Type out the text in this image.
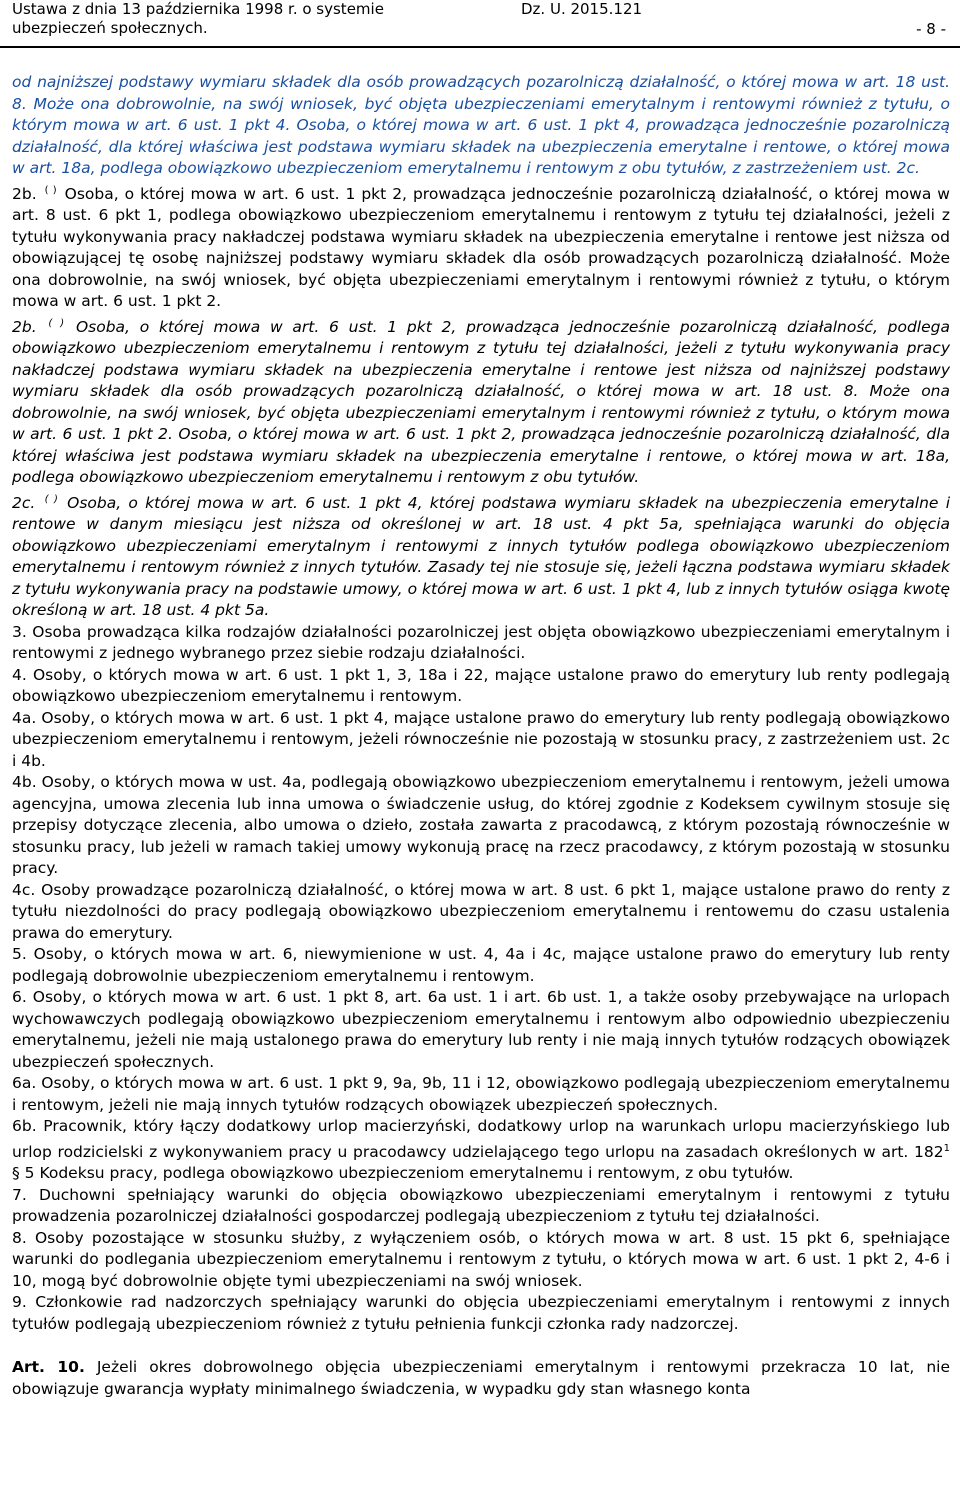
Ustawa z dnia 13 października 1998 r. o systemie
ubezpieczeń społecznych.
Dz. U. 2015.121
- 8 -

od najniższej podstawy wymiaru składek dla osób prowadzących pozarolniczą działalność, o której mowa w art. 18 ust. 8. Może ona dobrowolnie, na swój wniosek, być objęta ubezpieczeniami emerytalnym i rentowymi również z tytułu, o którym mowa w art. 6 ust. 1 pkt 4. Osoba, o której mowa w art. 6 ust. 1 pkt 4, prowadząca jednocześnie pozarolniczą działalność, dla której właściwa jest podstawa wymiaru składek na ubezpieczenia emerytalne i rentowe, o której mowa w art. 18a, podlega obowiązkowo ubezpieczeniom emerytalnemu i rentowym z obu tytułów, z zastrzeżeniem ust. 2c.

2b. ( ) Osoba, o której mowa w art. 6 ust. 1 pkt 2, prowadząca jednocześnie pozarolniczą działalność, o której mowa w art. 8 ust. 6 pkt 1, podlega obowiązkowo ubezpieczeniom emerytalnemu i rentowym z tytułu tej działalności, jeżeli z tytułu wykonywania pracy nakładczej podstawa wymiaru składek na ubezpieczenia emerytalne i rentowe jest niższa od obowiązującej tę osobę najniższej podstawy wymiaru składek dla osób prowadzących pozarolniczą działalność. Może ona dobrowolnie, na swój wniosek, być objęta ubezpieczeniami emerytalnym i rentowymi również z tytułu, o którym mowa w art. 6 ust. 1 pkt 2.

2b. ( ) Osoba, o której mowa w art. 6 ust. 1 pkt 2, prowadząca jednocześnie pozarolniczą działalność, podlega obowiązkowo ubezpieczeniom emerytalnemu i rentowym z tytułu tej działalności, jeżeli z tytułu wykonywania pracy nakładczej podstawa wymiaru składek na ubezpieczenia emerytalne i rentowe jest niższa od najniższej podstawy wymiaru składek dla osób prowadzących pozarolniczą działalność, o której mowa w art. 18 ust. 8. Może ona dobrowolnie, na swój wniosek, być objęta ubezpieczeniami emerytalnym i rentowymi również z tytułu, o którym mowa w art. 6 ust. 1 pkt 2. Osoba, o której mowa w art. 6 ust. 1 pkt 2, prowadząca jednocześnie pozarolniczą działalność, dla której właściwa jest podstawa wymiaru składek na ubezpieczenia emerytalne i rentowe, o której mowa w art. 18a, podlega obowiązkowo ubezpieczeniom emerytalnemu i rentowym z obu tytułów.

2c. ( ) Osoba, o której mowa w art. 6 ust. 1 pkt 4, której podstawa wymiaru składek na ubezpieczenia emerytalne i rentowe w danym miesiącu jest niższa od określonej w art. 18 ust. 4 pkt 5a, spełniająca warunki do objęcia obowiązkowo ubezpieczeniami emerytalnym i rentowymi z innych tytułów podlega obowiązkowo ubezpieczeniom emerytalnemu i rentowym również z innych tytułów. Zasady tej nie stosuje się, jeżeli łączna podstawa wymiaru składek z tytułu wykonywania pracy na podstawie umowy, o której mowa w art. 6 ust. 1 pkt 4, lub z innych tytułów osiąga kwotę określoną w art. 18 ust. 4 pkt 5a.

3. Osoba prowadząca kilka rodzajów działalności pozarolniczej jest objęta obowiązkowo ubezpieczeniami emerytalnym i rentowymi z jednego wybranego przez siebie rodzaju działalności.

4. Osoby, o których mowa w art. 6 ust. 1 pkt 1, 3, 18a i 22, mające ustalone prawo do emerytury lub renty podlegają obowiązkowo ubezpieczeniom emerytalnemu i rentowym.

4a. Osoby, o których mowa w art. 6 ust. 1 pkt 4, mające ustalone prawo do emerytury lub renty podlegają obowiązkowo ubezpieczeniom emerytalnemu i rentowym, jeżeli równocześnie nie pozostają w stosunku pracy, z zastrzeżeniem ust. 2c i 4b.

4b. Osoby, o których mowa w ust. 4a, podlegają obowiązkowo ubezpieczeniom emerytalnemu i rentowym, jeżeli umowa agencyjna, umowa zlecenia lub inna umowa o świadczenie usług, do której zgodnie z Kodeksem cywilnym stosuje się przepisy dotyczące zlecenia, albo umowa o dzieło, została zawarta z pracodawcą, z którym pozostają równocześnie w stosunku pracy, lub jeżeli w ramach takiej umowy wykonują pracę na rzecz pracodawcy, z którym pozostają w stosunku pracy.

4c. Osoby prowadzące pozarolniczą działalność, o której mowa w art. 8 ust. 6 pkt 1, mające ustalone prawo do renty z tytułu niezdolności do pracy podlegają obowiązkowo ubezpieczeniom emerytalnemu i rentowemu do czasu ustalenia prawa do emerytury.

5. Osoby, o których mowa w art. 6, niewymienione w ust. 4, 4a i 4c, mające ustalone prawo do emerytury lub renty podlegają dobrowolnie ubezpieczeniom emerytalnemu i rentowym.

6. Osoby, o których mowa w art. 6 ust. 1 pkt 8, art. 6a ust. 1 i art. 6b ust. 1, a także osoby przebywające na urlopach wychowawczych podlegają obowiązkowo ubezpieczeniom emerytalnemu i rentowym albo odpowiednio ubezpieczeniu emerytalnemu, jeżeli nie mają ustalonego prawa do emerytury lub renty i nie mają innych tytułów rodzących obowiązek ubezpieczeń społecznych.

6a. Osoby, o których mowa w art. 6 ust. 1 pkt 9, 9a, 9b, 11 i 12, obowiązkowo podlegają ubezpieczeniom emerytalnemu i rentowym, jeżeli nie mają innych tytułów rodzących obowiązek ubezpieczeń społecznych.

6b. Pracownik, który łączy dodatkowy urlop macierzyński, dodatkowy urlop na warunkach urlopu macierzyńskiego lub urlop rodzicielski z wykonywaniem pracy u pracodawcy udzielającego tego urlopu na zasadach określonych w art. $182^1$ § 5 Kodeksu pracy, podlega obowiązkowo ubezpieczeniom emerytalnemu i rentowym, z obu tytułów.

7. Duchowni spełniający warunki do objęcia obowiązkowo ubezpieczeniami emerytalnym i rentowymi z tytułu prowadzenia pozarolniczej działalności gospodarczej podlegają ubezpieczeniom z tytułu tej działalności.

8. Osoby pozostające w stosunku służby, z wyłączeniem osób, o których mowa w art. 8 ust. 15 pkt 6, spełniające warunki do podlegania ubezpieczeniom emerytalnemu i rentowym z tytułu, o których mowa w art. 6 ust. 1 pkt 2, 4-6 i 10, mogą być dobrowolnie objęte tymi ubezpieczeniami na swój wniosek.

9. Członkowie rad nadzorczych spełniający warunki do objęcia ubezpieczeniami emerytalnym i rentowymi z innych tytułów podlegają ubezpieczeniom również z tytułu pełnienia funkcji członka rady nadzorczej.

Art. 10. Jeżeli okres dobrowolnego objęcia ubezpieczeniami emerytalnym i rentowymi przekracza 10 lat, nie obowiązuje gwarancja wypłaty minimalnego świadczenia, w wypadku gdy stan własnego konta
